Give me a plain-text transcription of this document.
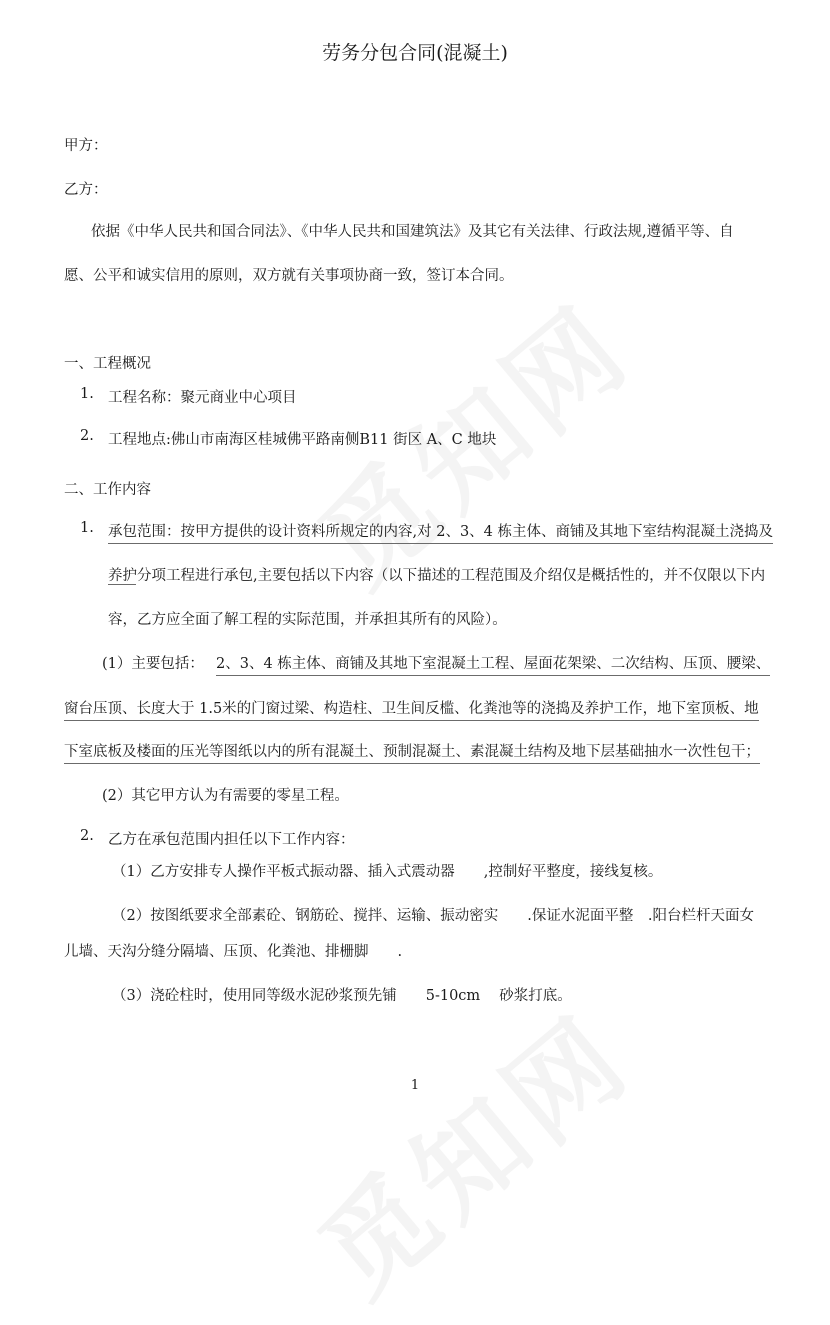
劳务分包合同(混凝土)
甲方：
乙方：
依据《中华人民共和国合同法》、《中华人民共和国建筑法》及其它有关法律、行政法规,遵循平等、自
愿、公平和诚实信用的原则，双方就有关事项协商一致，签订本合同。
一、工程概况
1. 工程名称：聚元商业中心项目
2. 工程地点:佛山市南海区桂城佛平路南侧B11 街区 A、C 地块
二、工作内容
1. 承包范围：按甲方提供的设计资料所规定的内容,对 2、3、4 栋主体、商铺及其地下室结构混凝土浇捣及
养护分项工程进行承包,主要包括以下内容（以下描述的工程范围及介绍仅是概括性的，并不仅限以下内
容，乙方应全面了解工程的实际范围，并承担其所有的风险）。
(1）主要包括： 2、3、4 栋主体、商铺及其地下室混凝土工程、屋面花架梁、二次结构、压顶、腰梁、
窗台压顶、长度大于 1.5米的门窗过梁、构造柱、卫生间反槛、化粪池等的浇捣及养护工作，地下室顶板、地
下室底板及楼面的压光等图纸以内的所有混凝土、预制混凝土、素混凝土结构及地下层基础抽水一次性包干；
(2）其它甲方认为有需要的零星工程。
2. 乙方在承包范围内担任以下工作内容：
（1）乙方安排专人操作平板式振动器、插入式震动器　　,控制好平整度，接线复核。
（2）按图纸要求全部素砼、钢筋砼、搅拌、运输、振动密实　　.保证水泥面平整　.阳台栏杆天面女
儿墙、天沟分缝分隔墙、压顶、化粪池、排栅脚　　.
（3）浇砼柱时，使用同等级水泥砂浆预先铺　　5-10cm　 砂浆打底。
1
